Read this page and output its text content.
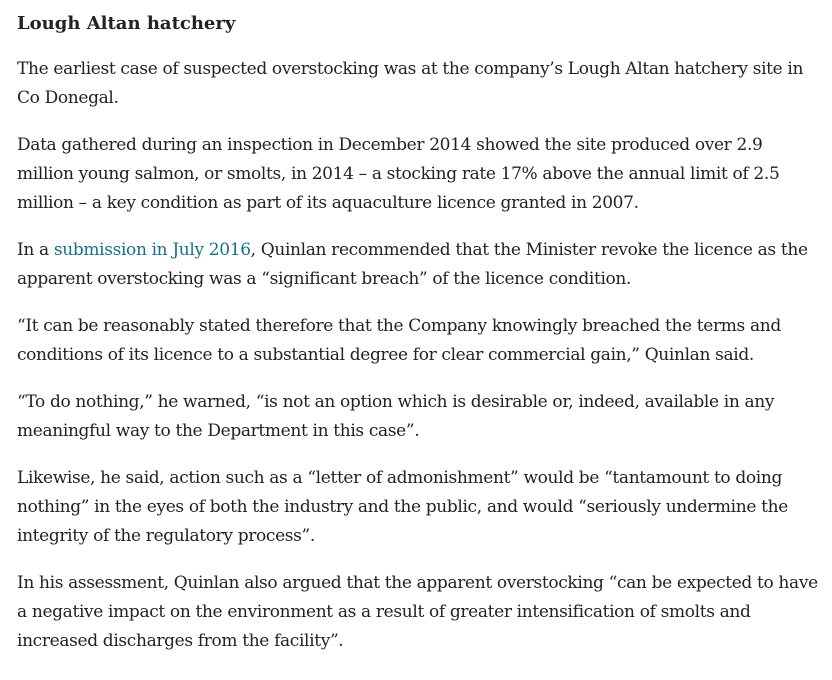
Lough Altan hatchery

The earliest case of suspected overstocking was at the company’s Lough Altan hatchery site in Co Donegal.

Data gathered during an inspection in December 2014 showed the site produced over 2.9 million young salmon, or smolts, in 2014 – a stocking rate 17% above the annual limit of 2.5 million – a key condition as part of its aquaculture licence granted in 2007.

In a submission in July 2016, Quinlan recommended that the Minister revoke the licence as the apparent overstocking was a “significant breach” of the licence condition.

“It can be reasonably stated therefore that the Company knowingly breached the terms and conditions of its licence to a substantial degree for clear commercial gain,” Quinlan said.

“To do nothing,” he warned, “is not an option which is desirable or, indeed, available in any meaningful way to the Department in this case”.

Likewise, he said, action such as a “letter of admonishment” would be “tantamount to doing nothing” in the eyes of both the industry and the public, and would “seriously undermine the integrity of the regulatory process”.

In his assessment, Quinlan also argued that the apparent overstocking “can be expected to have a negative impact on the environment as a result of greater intensification of smolts and increased discharges from the facility”.
